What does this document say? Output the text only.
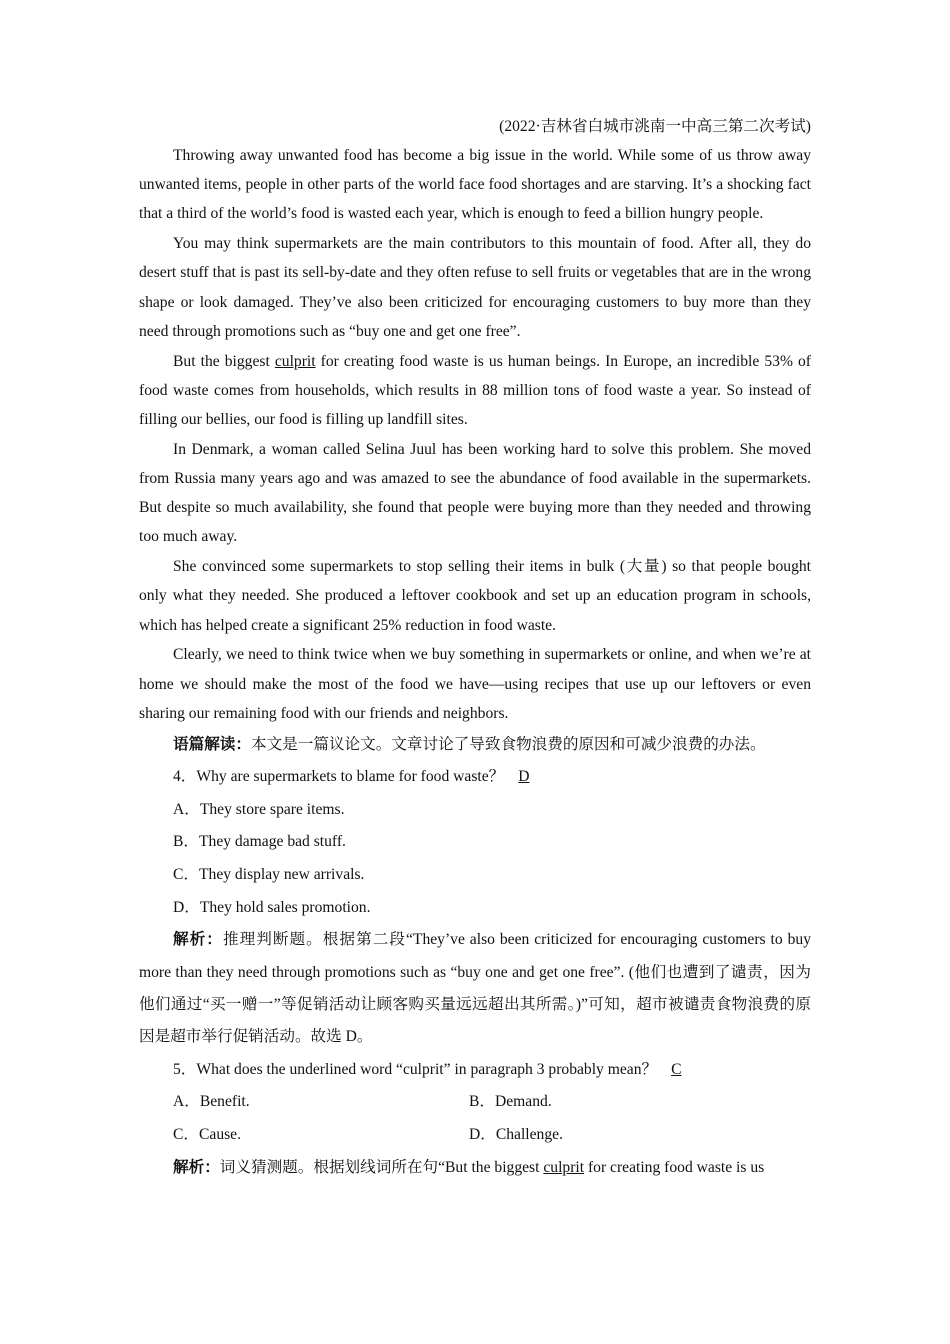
(2022·吉林省白城市洮南一中高三第二次考试)

Throwing away unwanted food has become a big issue in the world. While some of us throw away unwanted items, people in other parts of the world face food shortages and are starving. It’s a shocking fact that a third of the world’s food is wasted each year, which is enough to feed a billion hungry people.

You may think supermarkets are the main contributors to this mountain of food. After all, they do desert stuff that is past its sell-by-date and they often refuse to sell fruits or vegetables that are in the wrong shape or look damaged. They’ve also been criticized for encouraging customers to buy more than they need through promotions such as “buy one and get one free”.

But the biggest culprit for creating food waste is us human beings. In Europe, an incredible 53% of food waste comes from households, which results in 88 million tons of food waste a year. So instead of filling our bellies, our food is filling up landfill sites.

In Denmark, a woman called Selina Juul has been working hard to solve this problem. She moved from Russia many years ago and was amazed to see the abundance of food available in the supermarkets. But despite so much availability, she found that people were buying more than they needed and throwing too much away.

She convinced some supermarkets to stop selling their items in bulk (大量) so that people bought only what they needed. She produced a leftover cookbook and set up an education program in schools, which has helped create a significant 25% reduction in food waste.

Clearly, we need to think twice when we buy something in supermarkets or online, and when we’re at home we should make the most of the food we have—using recipes that use up our leftovers or even sharing our remaining food with our friends and neighbors.

语篇解读：本文是一篇议论文。文章讨论了导致食物浪费的原因和可减少浪费的办法。

4．Why are supermarkets to blame for food waste？ D

A．They store spare items.

B．They damage bad stuff.

C．They display new arrivals.

D．They hold sales promotion.

解析：推理判断题。根据第二段“They’ve also been criticized for encouraging customers to buy more than they need through promotions such as “buy one and get one free”. (他们也遭到了谴责，因为他们通过“买一赠一”等促销活动让顾客购买量远远超出其所需。)”可知，超市被谴责食物浪费的原因是超市举行促销活动。故选 D。

5．What does the underlined word “culprit” in paragraph 3 probably mean？ C

A．Benefit.	B．Demand.
C．Cause.	D．Challenge.

解析：词义猜测题。根据划线词所在句“But the biggest culprit for creating food waste is us
